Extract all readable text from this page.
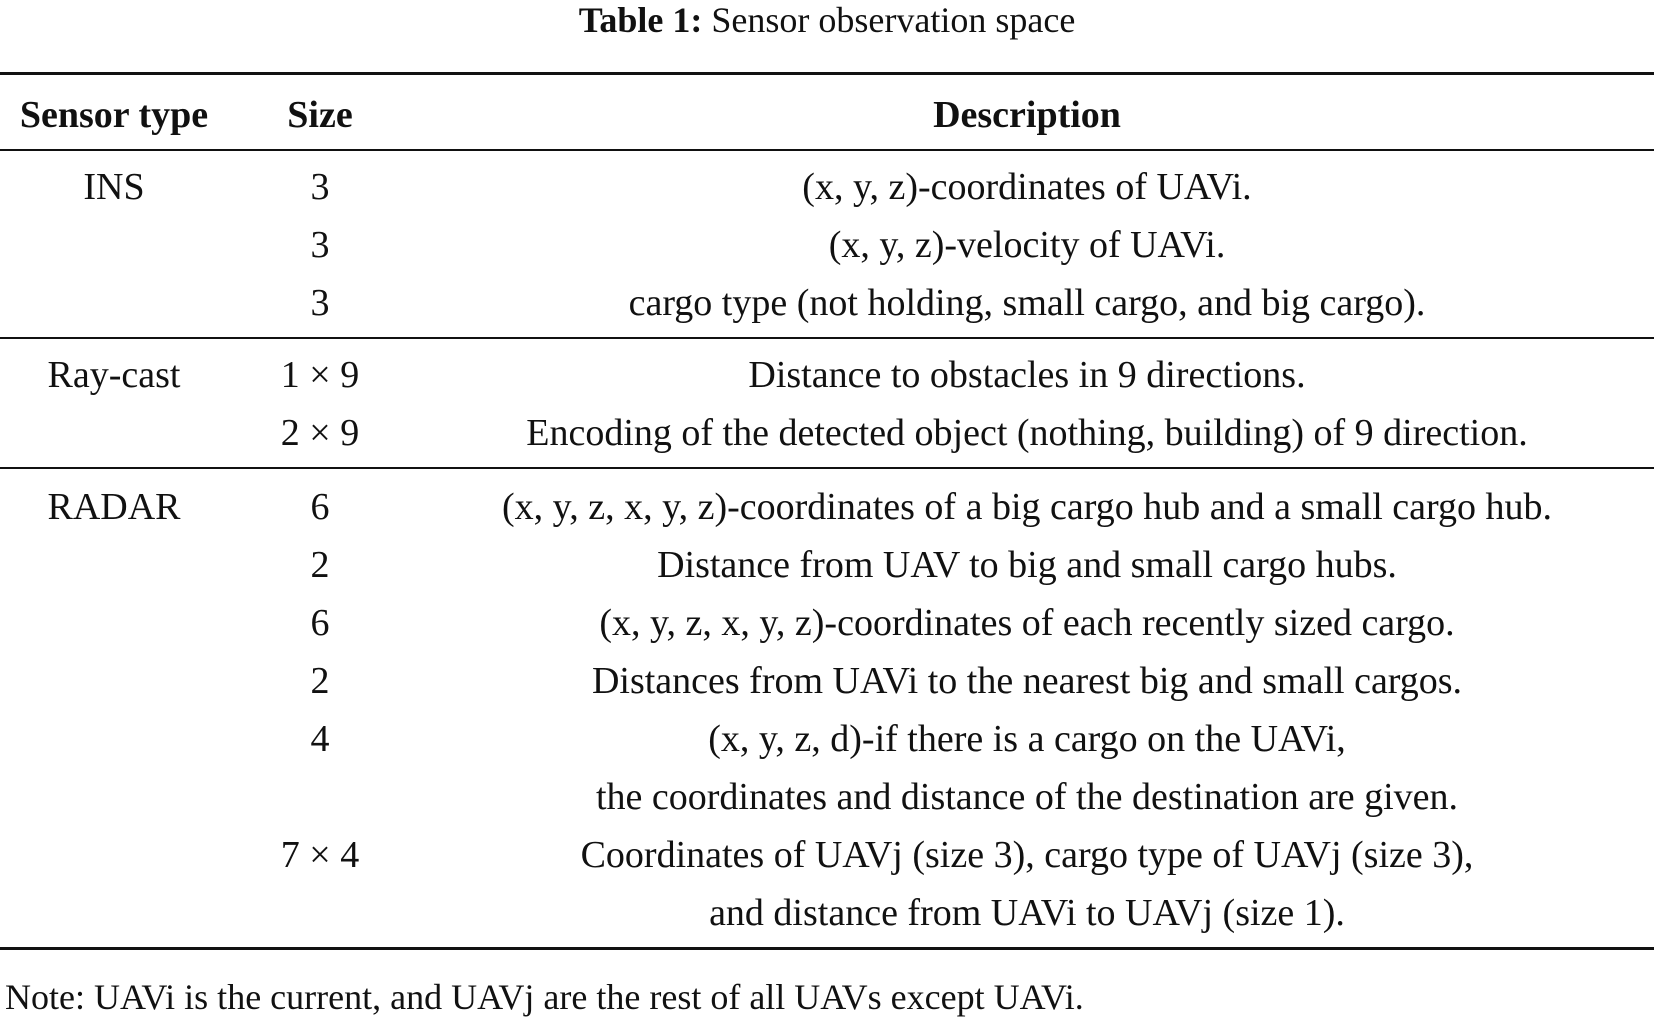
Table 1: Sensor observation space
Sensor type	Size	Description
INS	3	(x, y, z)-coordinates of UAVi.
3	(x, y, z)-velocity of UAVi.
3	cargo type (not holding, small cargo, and big cargo).
Ray-cast	1 × 9	Distance to obstacles in 9 directions.
2 × 9	Encoding of the detected object (nothing, building) of 9 direction.
RADAR	6	(x, y, z, x, y, z)-coordinates of a big cargo hub and a small cargo hub.
2	Distance from UAV to big and small cargo hubs.
6	(x, y, z, x, y, z)-coordinates of each recently sized cargo.
2	Distances from UAVi to the nearest big and small cargos.
4	(x, y, z, d)-if there is a cargo on the UAVi,
the coordinates and distance of the destination are given.
7 × 4	Coordinates of UAVj (size 3), cargo type of UAVj (size 3),
and distance from UAVi to UAVj (size 1).
Note: UAVi is the current, and UAVj are the rest of all UAVs except UAVi.
